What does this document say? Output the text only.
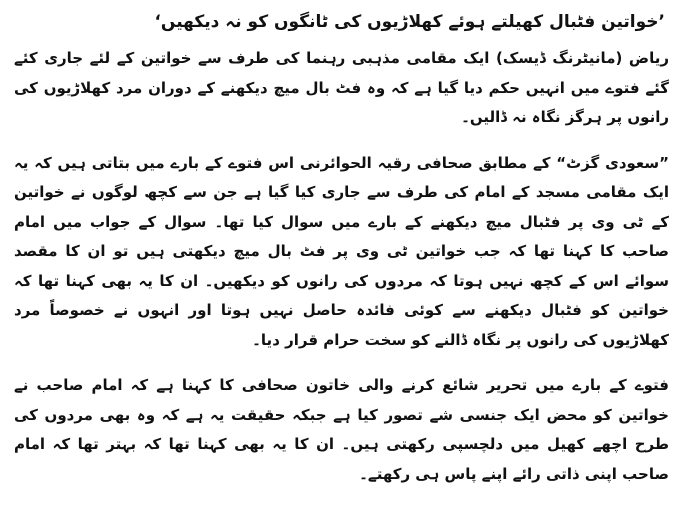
’خواتین فٹبال کھیلتے ہوئے کھلاڑیوں کی ٹانگوں کو نہ دیکھیں‘

ریاض (مانیٹرنگ ڈیسک) ایک مقامی مذہبی رہنما کی طرف سے خواتین کے لئے جاری کئے گئے فتوے میں انہیں حکم دیا گیا ہے کہ وہ فٹ بال میچ دیکھنے کے دوران مرد کھلاڑیوں کی رانوں پر ہرگز نگاہ نہ ڈالیں۔

”سعودی گزٹ“ کے مطابق صحافی رقیہ الحوائرنی اس فتوے کے بارے میں بتاتی ہیں کہ یہ ایک مقامی مسجد کے امام کی طرف سے جاری کیا گیا ہے جن سے کچھ لوگوں نے خواتین کے ٹی وی پر فٹبال میچ دیکھنے کے بارے میں سوال کیا تھا۔ سوال کے جواب میں امام صاحب کا کہنا تھا کہ جب خواتین ٹی وی پر فٹ بال میچ دیکھتی ہیں تو ان کا مقصد سوائے اس کے کچھ نہیں ہوتا کہ مردوں کی رانوں کو دیکھیں۔ ان کا یہ بھی کہنا تھا کہ خواتین کو فٹبال دیکھنے سے کوئی فائدہ حاصل نہیں ہوتا اور انہوں نے خصوصاً مرد کھلاڑیوں کی رانوں پر نگاہ ڈالنے کو سخت حرام قرار دیا۔

فتوے کے بارے میں تحریر شائع کرنے والی خاتون صحافی کا کہنا ہے کہ امام صاحب نے خواتین کو محض ایک جنسی شے تصور کیا ہے جبکہ حقیقت یہ ہے کہ وہ بھی مردوں کی طرح اچھے کھیل میں دلچسپی رکھتی ہیں۔ ان کا یہ بھی کہنا تھا کہ بہتر تھا کہ امام صاحب اپنی ذاتی رائے اپنے پاس ہی رکھتے۔
